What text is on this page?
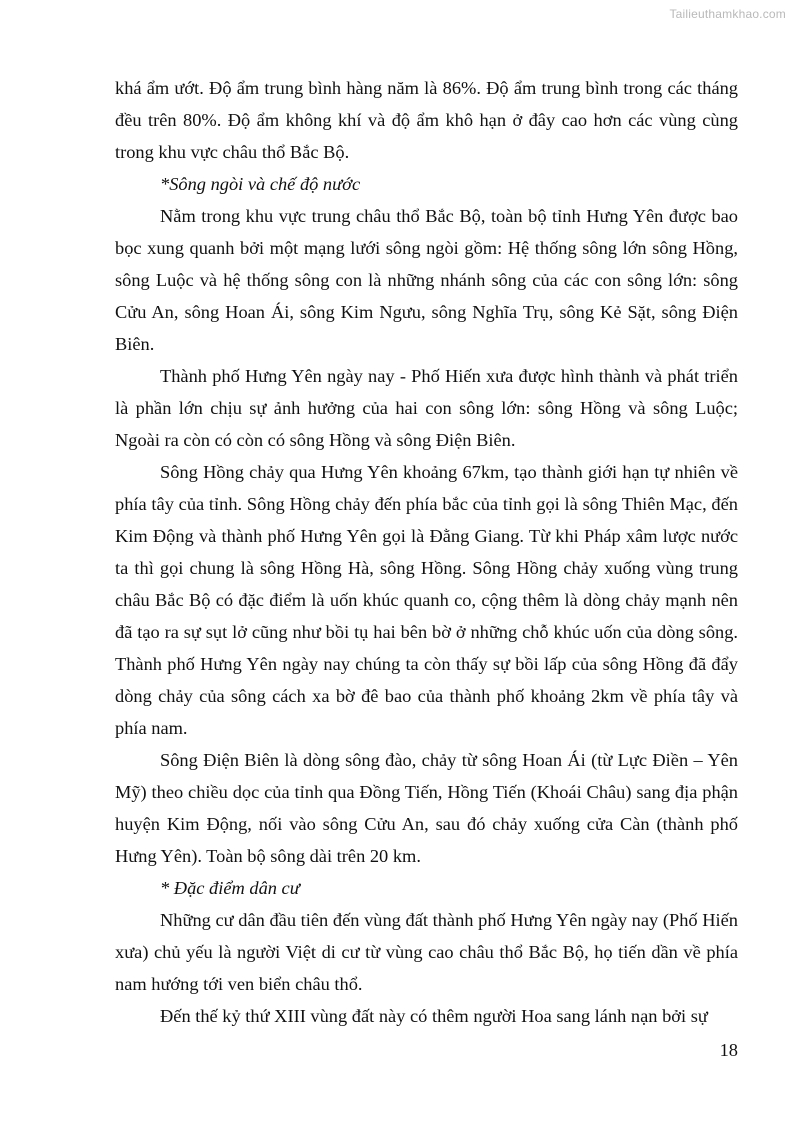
Tailieuthamkhao.com

khá ẩm ướt. Độ ẩm trung bình hàng năm là 86%. Độ ẩm trung bình trong các tháng đều trên 80%. Độ ẩm không khí và độ ẩm khô hạn ở đây cao hơn các vùng cùng trong khu vực châu thổ Bắc Bộ.

*Sông ngòi và chế độ nước

Nằm trong khu vực trung châu thổ Bắc Bộ, toàn bộ tỉnh Hưng Yên được bao bọc xung quanh bởi một mạng lưới sông ngòi gồm: Hệ thống sông lớn sông Hồng, sông Luộc và hệ thống sông con là những nhánh sông của các con sông lớn: sông Cửu An, sông Hoan Ái, sông Kim Ngưu, sông Nghĩa Trụ, sông Kẻ Sặt, sông Điện Biên.

Thành phố Hưng Yên ngày nay - Phố Hiến xưa được hình thành và phát triển là phần lớn chịu sự ảnh hưởng của hai con sông lớn: sông Hồng và sông Luộc; Ngoài ra còn có còn có sông Hồng và sông Điện Biên.

Sông Hồng chảy qua Hưng Yên khoảng 67km, tạo thành giới hạn tự nhiên về phía tây của tỉnh. Sông Hồng chảy đến phía bắc của tỉnh gọi là sông Thiên Mạc, đến Kim Động và thành phố Hưng Yên gọi là Đằng Giang. Từ khi Pháp xâm lược nước ta thì gọi chung là sông Hồng Hà, sông Hồng. Sông Hồng chảy xuống vùng trung châu Bắc Bộ có đặc điểm là uốn khúc quanh co, cộng thêm là dòng chảy mạnh nên đã tạo ra sự sụt lở cũng như bồi tụ hai bên bờ ở những chỗ khúc uốn của dòng sông. Thành phố Hưng Yên ngày nay chúng ta còn thấy sự bồi lấp của sông Hồng đã đẩy dòng chảy của sông cách xa bờ đê bao của thành phố khoảng 2km về phía tây và phía nam.

Sông Điện Biên là dòng sông đào, chảy từ sông Hoan Ái (từ Lực Điền – Yên Mỹ) theo chiều dọc của tỉnh qua Đồng Tiến, Hồng Tiến (Khoái Châu) sang địa phận huyện Kim Động, nối vào sông Cửu An, sau đó chảy xuống cửa Càn (thành phố Hưng Yên). Toàn bộ sông dài trên 20 km.

* Đặc điểm dân cư

Những cư dân đầu tiên đến vùng đất thành phố Hưng Yên ngày nay (Phố Hiến xưa) chủ yếu là người Việt di cư từ vùng cao châu thổ Bắc Bộ, họ tiến dần về phía nam hướng tới ven biển châu thổ.

Đến thế kỷ thứ XIII vùng đất này có thêm người Hoa sang lánh nạn bởi sự

18
